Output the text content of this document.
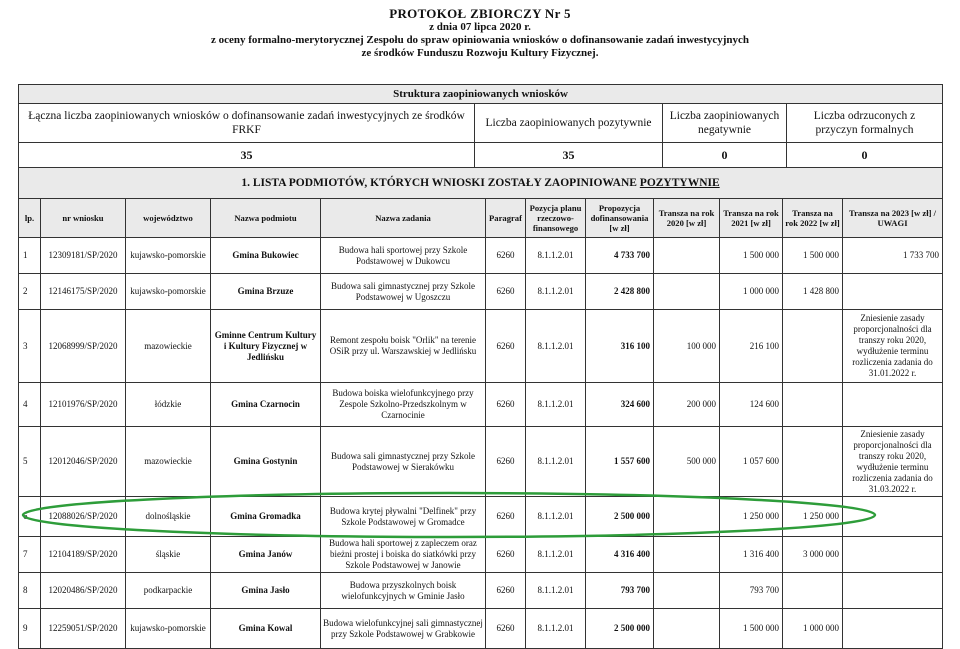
PROTOKOŁ ZBIORCZY Nr 5
z dnia 07 lipca 2020 r.
z oceny formalno-merytorycznej Zespołu do spraw opiniowania wniosków o dofinansowanie zadań inwestycyjnych
ze środków Funduszu Rozwoju Kultury Fizycznej.
Struktura zaopiniowanych wniosków			
Łączna liczba zaopiniowanych wniosków o dofinansowanie zadań inwestycyjnych ze środków FRKF	Liczba zaopiniowanych pozytywnie	Liczba zaopiniowanych negatywnie	Liczba odrzuconych z przyczyn formalnych
35	35	0	0
1. LISTA PODMIOTÓW, KTÓRYCH WNIOSKI ZOSTAŁY ZAOPINIOWANE POZYTYWNIE			
lp.	nr wniosku	województwo	Nazwa podmiotu	Nazwa zadania	Paragraf	Pozycja planu rzeczowo-finansowego	Propozycja dofinansowania [w zł]	Transza na rok 2020 [w zł]	Transza na rok 2021 [w zł]	Transza na rok 2022 [w zł]	Transza na 2023 [w zł] / UWAGI
1	12309181/SP/2020	kujawsko-pomorskie	Gmina Bukowiec	Budowa hali sportowej przy Szkole Podstawowej w Dukowcu	6260	8.1.1.2.01	4 733 700		1 500 000	1 500 000	1 733 700
2	12146175/SP/2020	kujawsko-pomorskie	Gmina Brzuze	Budowa sali gimnastycznej przy Szkole Podstawowej w Ugoszczu	6260	8.1.1.2.01	2 428 800		1 000 000	1 428 800	
3	12068999/SP/2020	mazowieckie	Gminne Centrum Kultury i Kultury Fizycznej w Jedlińsku	Remont zespołu boisk "Orlik" na terenie OSiR przy ul. Warszawskiej w Jedlińsku	6260	8.1.1.2.01	316 100	100 000	216 100		Zniesienie zasady proporcjonalności dla transzy roku 2020, wydłużenie terminu rozliczenia zadania do 31.01.2022 r.
4	12101976/SP/2020	łódzkie	Gmina Czarnocin	Budowa boiska wielofunkcyjnego przy Zespole Szkolno-Przedszkolnym w Czarnocinie	6260	8.1.1.2.01	324 600	200 000	124 600		
5	12012046/SP/2020	mazowieckie	Gmina Gostynin	Budowa sali gimnastycznej przy Szkole Podstawowej w Sierakówku	6260	8.1.1.2.01	1 557 600	500 000	1 057 600		Zniesienie zasady proporcjonalności dla transzy roku 2020, wydłużenie terminu rozliczenia zadania do 31.03.2022 r.
6	12088026/SP/2020	dolnośląskie	Gmina Gromadka	Budowa krytej pływalni "Delfinek" przy Szkole Podstawowej w Gromadce	6260	8.1.1.2.01	2 500 000		1 250 000	1 250 000	
7	12104189/SP/2020	śląskie	Gmina Janów	Budowa hali sportowej z zapleczem oraz bieżni prostej i boiska do siatkówki przy Szkole Podstawowej w Janowie	6260	8.1.1.2.01	4 316 400		1 316 400	3 000 000	
8	12020486/SP/2020	podkarpackie	Gmina Jasło	Budowa przyszkolnych boisk wielofunkcyjnych w Gminie Jasło	6260	8.1.1.2.01	793 700		793 700		
9	12259051/SP/2020	kujawsko-pomorskie	Gmina Kowal	Budowa wielofunkcyjnej sali gimnastycznej przy Szkole Podstawowej w Grabkowie	6260	8.1.1.2.01	2 500 000		1 500 000	1 000 000	
